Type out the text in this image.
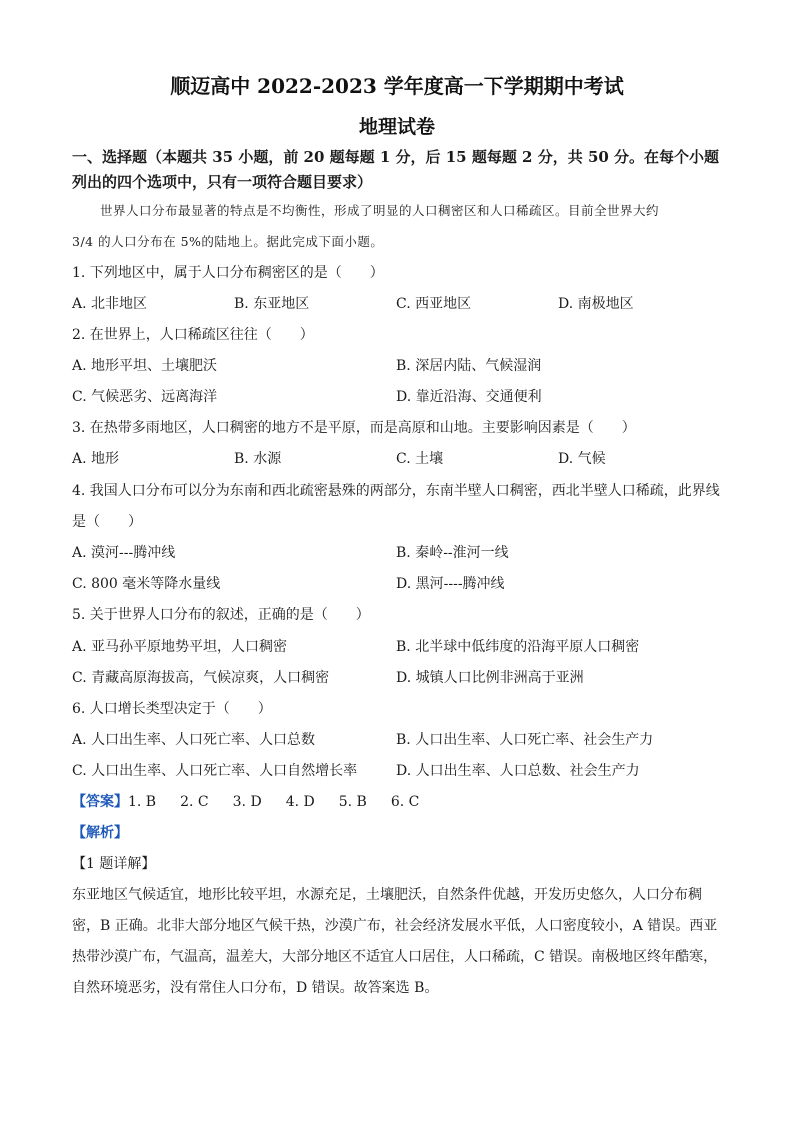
顺迈高中 2022-2023 学年度高一下学期期中考试
地理试卷
一、选择题（本题共 35 小题，前 20 题每题 1 分，后 15 题每题 2 分，共 50 分。在每个小题
列出的四个选项中，只有一项符合题目要求）
世界人口分布最显著的特点是不均衡性，形成了明显的人口稠密区和人口稀疏区。目前全世界大约
3/4 的人口分布在 5%的陆地上。据此完成下面小题。
1. 下列地区中，属于人口分布稠密区的是（　　）
A. 北非地区	B. 东亚地区	C. 西亚地区	D. 南极地区
2. 在世界上，人口稀疏区往往（　　）
A. 地形平坦、土壤肥沃	B. 深居内陆、气候湿润
C. 气候恶劣、远离海洋	D. 靠近沿海、交通便利
3. 在热带多雨地区，人口稠密的地方不是平原，而是高原和山地。主要影响因素是（　　）
A. 地形	B. 水源	C. 土壤	D. 气候
4. 我国人口分布可以分为东南和西北疏密悬殊的两部分，东南半壁人口稠密，西北半壁人口稀疏，此界线
是（　　）
A. 漠河---腾冲线	B. 秦岭--淮河一线
C. 800 毫米等降水量线	D. 黑河----腾冲线
5. 关于世界人口分布的叙述，正确的是（　　）
A. 亚马孙平原地势平坦，人口稠密	B. 北半球中低纬度的沿海平原人口稠密
C. 青藏高原海拔高，气候凉爽，人口稠密	D. 城镇人口比例非洲高于亚洲
6. 人口增长类型决定于（　　）
A. 人口出生率、人口死亡率、人口总数	B. 人口出生率、人口死亡率、社会生产力
C. 人口出生率、人口死亡率、人口自然增长率	D. 人口出生率、人口总数、社会生产力
【答案】1. B 2. C 3. D 4. D 5. B 6. C
【解析】
【1 题详解】
东亚地区气候适宜，地形比较平坦，水源充足，土壤肥沃，自然条件优越，开发历史悠久，人口分布稠
密，B 正确。北非大部分地区气候干热，沙漠广布，社会经济发展水平低，人口密度较小，A 错误。西亚
热带沙漠广布，气温高，温差大，大部分地区不适宜人口居住，人口稀疏，C 错误。南极地区终年酷寒，
自然环境恶劣，没有常住人口分布，D 错误。故答案选 B。
